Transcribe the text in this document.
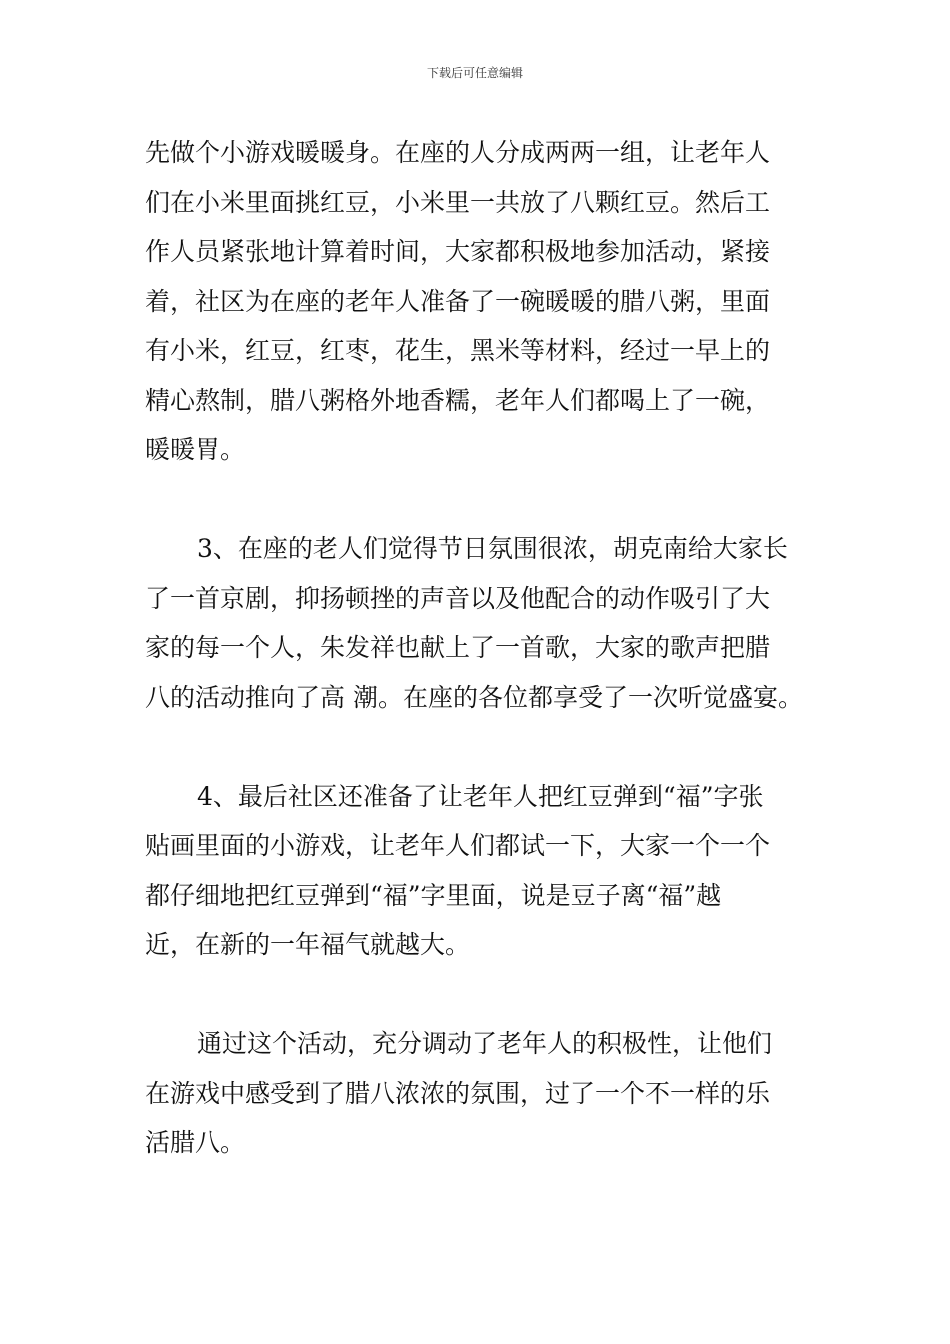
下载后可任意编辑
先做个小游戏暖暖身。在座的人分成两两一组，让老年人
们在小米里面挑红豆，小米里一共放了八颗红豆。然后工
作人员紧张地计算着时间，大家都积极地参加活动，紧接
着，社区为在座的老年人准备了一碗暖暖的腊八粥，里面
有小米，红豆，红枣，花生，黑米等材料，经过一早上的
精心熬制，腊八粥格外地香糯，老年人们都喝上了一碗，
暖暖胃。
3、在座的老人们觉得节日氛围很浓，胡克南给大家长
了一首京剧，抑扬顿挫的声音以及他配合的动作吸引了大
家的每一个人，朱发祥也献上了一首歌，大家的歌声把腊
八的活动推向了高 潮。在座的各位都享受了一次听觉盛宴。
4、最后社区还准备了让老年人把红豆弹到“福”字张
贴画里面的小游戏，让老年人们都试一下，大家一个一个
都仔细地把红豆弹到“福”字里面，说是豆子离“福”越
近，在新的一年福气就越大。
通过这个活动，充分调动了老年人的积极性，让他们
在游戏中感受到了腊八浓浓的氛围，过了一个不一样的乐
活腊八。
